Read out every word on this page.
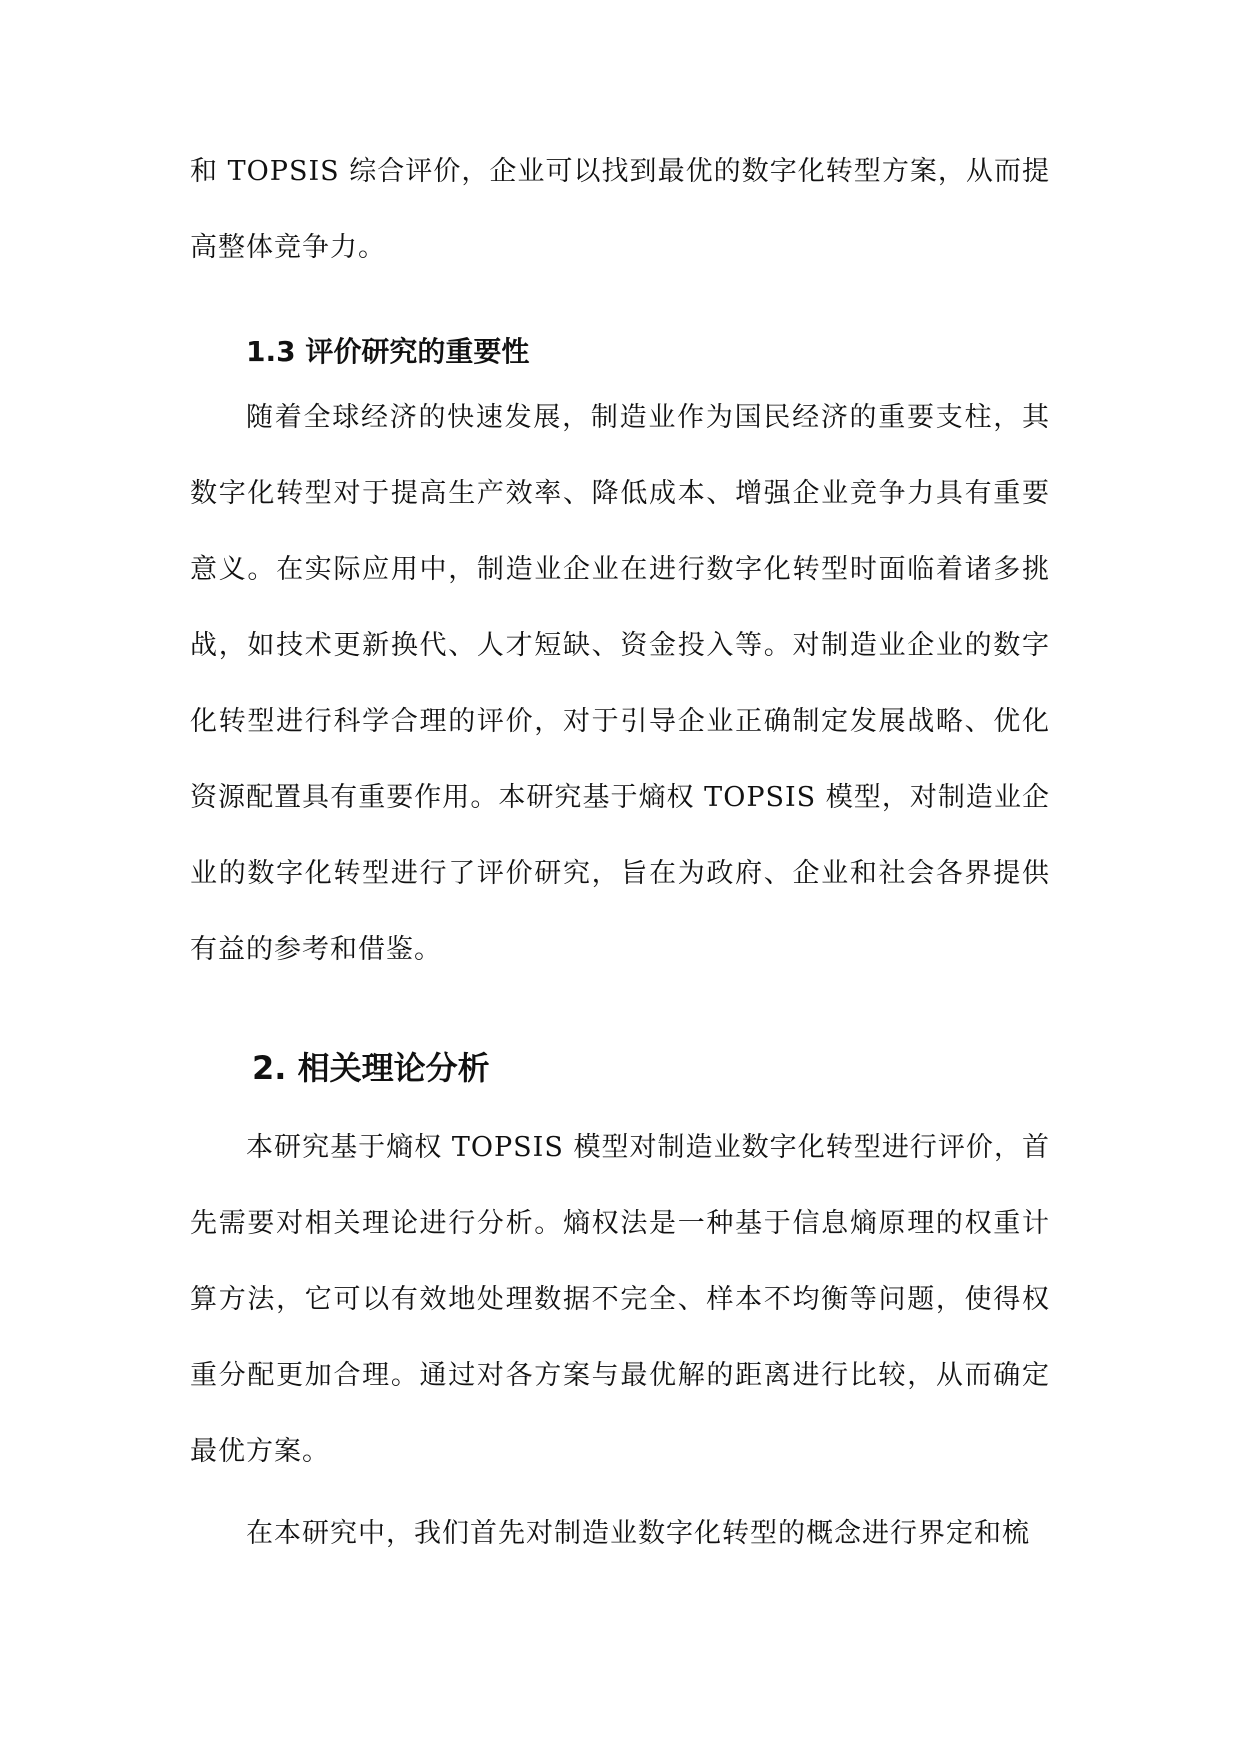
和 TOPSIS 综合评价，企业可以找到最优的数字化转型方案，从而提高整体竞争力。

1.3 评价研究的重要性

随着全球经济的快速发展，制造业作为国民经济的重要支柱，其数字化转型对于提高生产效率、降低成本、增强企业竞争力具有重要意义。在实际应用中，制造业企业在进行数字化转型时面临着诸多挑战，如技术更新换代、人才短缺、资金投入等。对制造业企业的数字化转型进行科学合理的评价，对于引导企业正确制定发展战略、优化资源配置具有重要作用。本研究基于熵权 TOPSIS 模型，对制造业企业的数字化转型进行了评价研究，旨在为政府、企业和社会各界提供有益的参考和借鉴。

2. 相关理论分析

本研究基于熵权 TOPSIS 模型对制造业数字化转型进行评价，首先需要对相关理论进行分析。熵权法是一种基于信息熵原理的权重计算方法，它可以有效地处理数据不完全、样本不均衡等问题，使得权重分配更加合理。通过对各方案与最优解的距离进行比较，从而确定最优方案。

在本研究中，我们首先对制造业数字化转型的概念进行界定和梳
